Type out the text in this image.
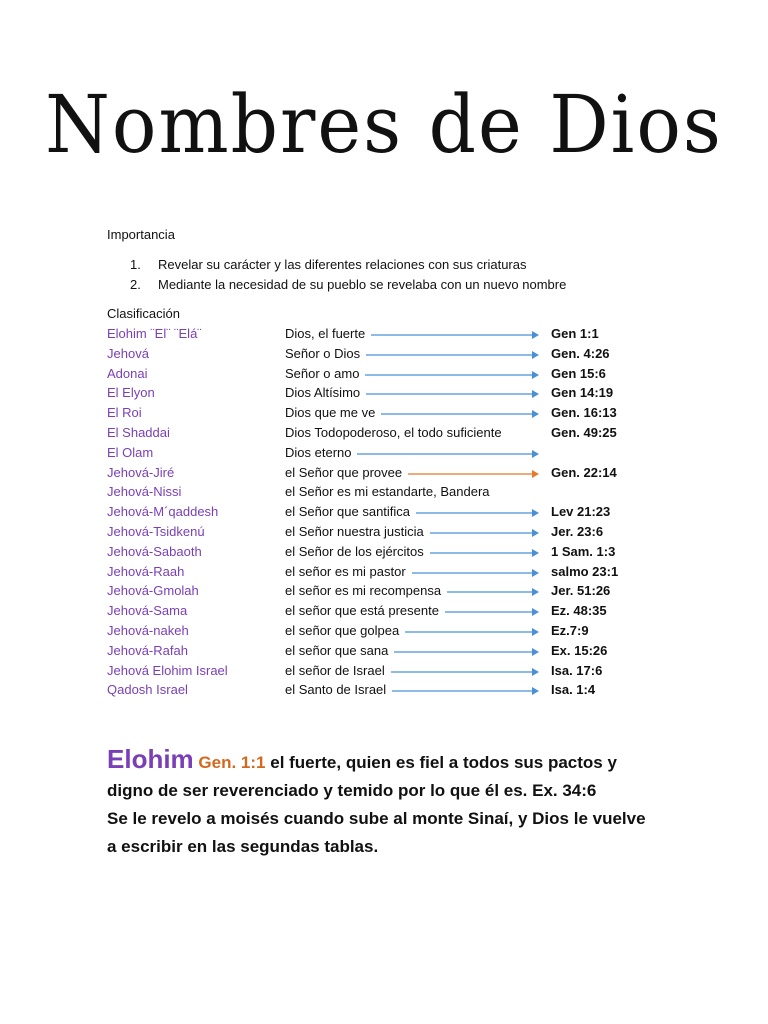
Nombres de Dios
Importancia
1. Revelar su carácter y las diferentes relaciones con sus criaturas
2. Mediante la necesidad de su pueblo se revelaba con un nuevo nombre
Clasificación
Elohim ¨El¨ ¨Elá¨	Dios, el fuerte	Gen 1:1
Jehová	Señor o Dios	Gen. 4:26
Adonai	Señor o amo	Gen 15:6
El Elyon	Dios Altísimo	Gen 14:19
El Roi	Dios que me ve	Gen. 16:13
El Shaddai	Dios Todopoderoso, el todo suficiente	Gen. 49:25
El Olam	Dios eterno
Jehová-Jiré	el Señor que provee	Gen. 22:14
Jehová-Nissi	el Señor es mi estandarte, Bandera
Jehová-M´qaddesh	el Señor que santifica	Lev 21:23
Jehová-Tsidkenú	el Señor nuestra justicia	Jer. 23:6
Jehová-Sabaoth	el Señor de los ejércitos	1 Sam. 1:3
Jehová-Raah	el señor es mi pastor	salmo 23:1
Jehová-Gmolah	el señor es mi recompensa	Jer. 51:26
Jehová-Sama	el señor que está presente	Ez. 48:35
Jehová-nakeh	el señor que golpea	Ez.7:9
Jehová-Rafah	el señor que sana	Ex. 15:26
Jehová Elohim Israel	el señor de Israel	Isa. 17:6
Qadosh Israel	el Santo de Israel	Isa. 1:4
Elohim Gen. 1:1 el fuerte, quien es fiel a todos sus pactos y
digno de ser reverenciado y temido por lo que él es. Ex. 34:6
Se le revelo a moisés cuando sube al monte Sinaí, y Dios le vuelve
a escribir en las segundas tablas.
